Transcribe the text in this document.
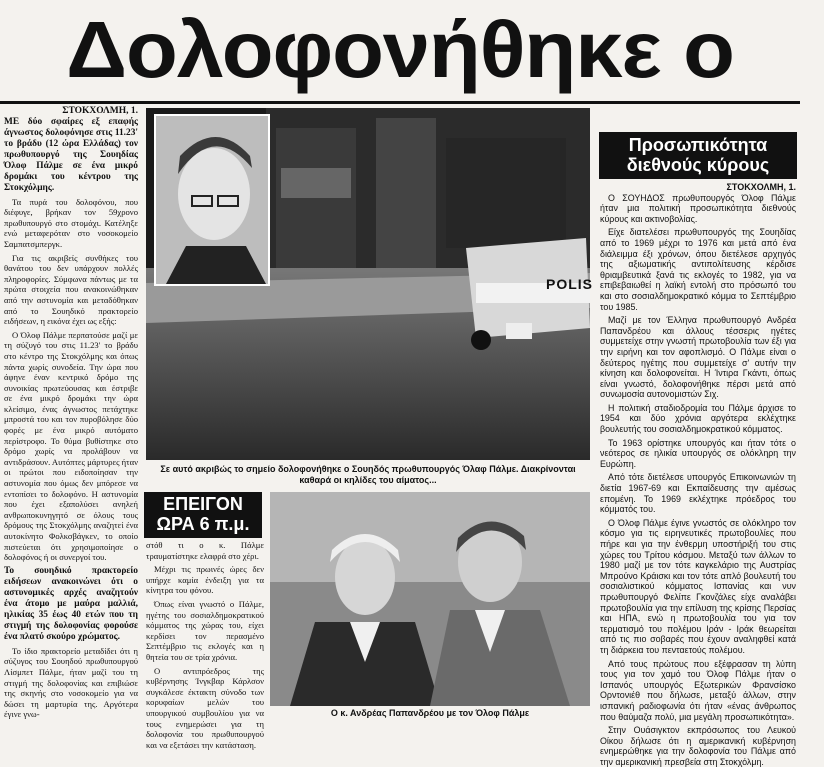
Δολοφονήθηκε ο
ΣΤΟΚΧΟΛΜΗ, 1.

ΜΕ δύο σφαίρες εξ επαφής άγνωστος δολοφόνησε στις 11.23' το βράδυ (12 ώρα Ελλάδας) τον πρωθυπουργό της Σουηδίας Όλοφ Πάλμε σε ένα μικρό δρομάκι του κέντρου της Στοκχόλμης.

Τα πυρά του δολοφόνου, που διέφυγε, βρήκαν τον 59χρονο πρωθυπουργό στο στομάχι. Κατέληξε ενώ μεταφερόταν στο νοσοκομείο Σαμπατσμπεργκ.

Για τις ακριβείς συνθήκες του θανάτου του δεν υπάρχουν πολλές πληροφορίες. Σύμφωνα πάντως με τα πρώτα στοιχεία που ανακοινώθηκαν από την αστυνομία και μεταδόθηκαν από το Σουηδικό πρακτορείο ειδήσεων, η εικόνα έχει ως εξής:

Ο Όλοφ Πάλμε περπατούσε μαζί με τη σύζυγό του στις 11.23' το βράδυ στο κέντρο της Στοκχόλμης και όπως πάντα χωρίς συνοδεία. Την ώρα που άφηνε έναν κεντρικό δρόμο της συνοικίας πρωτεύουσας και έστριβε σε ένα μικρό δρομάκι την ώρα κλείσιμο, ένας άγνωστος πετάχτηκε μπροστά του και τον πυροβόλησε δύο φορές με ένα μικρό αυτόματο περίστροφο. Το θύμα βυθίστηκε στο δρόμο χωρίς να προλάβουν να αντιδράσουν. Αυτόπτες μάρτυρες ήταν οι πρώτοι που ειδοποίησαν την αστυνομία που όμως δεν μπόρεσε να εντοπίσει το δολοφόνο. Η αστυνομία που έχει εξαπολύσει ανηλεή ανθρωποκυνηγητό σε όλους τους δρόμους της Στοκχόλμης αναζητεί ένα αυτοκίνητο Φολκσβάγκεν, το οποίο πιστεύεται ότι χρησιμοποίησε ο δολοφόνος ή οι συνεργοί του.

Το σουηδικό πρακτορείο ειδήσεων ανακοινώνει ότι ο αστυνομικές αρχές αναζητούν ένα άτομο με μαύρα μαλλιά, ηλικίας 35 έως 40 ετών που τη στιγμή της δολοφονίας φορούσε ένα πλατύ σκούρο χρώματος.

Το ίδιο πρακτορείο μεταδίδει ότι η σύζυγος του Σουηδού πρωθυπουργού Λίσμπετ Πάλμε, ήταν μαζί του τη στιγμή της δολοφονίας και επιβιώσε της σκηνής στο νοσοκομείο για να δώσει τη μαρτυρία της. Αργότερα έγινε γνω-

POLIS
Σε αυτό ακριβώς το σημείο δολοφονήθηκε ο Σουηδός πρωθυπουργός Όλαφ Πάλμε. Διακρίνονται καθαρά οι κηλίδες του αίματος...
ΕΠΕΙΓΟΝ
ΩΡΑ 6 π.μ.

στόθ τι ο κ. Πάλμε τραυματίστηκε ελαφρά στο χέρι.

Μέχρι τις πρωινές ώρες δεν υπήρχε καμία ένδειξη για τα κίνητρα του φόνου.

Όπως είναι γνωστό ο Πάλμε, ηγέτης του σοσιαλδημοκρατικού κόμματος της χώρας του, είχει κερδίσει τον περασμένο Σεπτέμβριο τις εκλογές και η θητεία του σε τρία χρόνια.

Ο αντιπρόεδρος της κυβέρνησης Ίνγκβαρ Κάρλσον συγκάλεσε έκτακτη σύνοδο των κορυφαίων μελών του υπουργικού συμβουλίου για να τους ενημερώσει για τη δολοφονία του πρωθυπουργού και να εξετάσει την κατάσταση.

Ο κ. Ανδρέας Παπανδρέου με τον Όλοφ Πάλμε
Προσωπικότητα
διεθνούς κύρους
ΣΤΟΚΧΟΛΜΗ, 1.

Ο ΣΟΥΗΔΟΣ πρωθυπουργός Όλοφ Πάλμε ήταν μια πολιτική προσωπικότητα διεθνούς κύρους και ακτινοβολίας.

Είχε διατελέσει πρωθυπουργός της Σουηδίας από το 1969 μέχρι το 1976 και μετά από ένα διάλειμμα έξι χρόνων, όπου διετέλεσε αρχηγός της αξιωματικής αντιπολίτευσης κέρδισε θριαμβευτικά ξανά τις εκλογές το 1982, για να επιβεβαιωθεί η λαϊκή εντολή στο πρόσωπό του και στο σοσιαλδημοκρατικό κόμμα το Σεπτέμβριο του 1985.

Μαζί με τον Έλληνα πρωθυπουργό Ανδρέα Παπανδρέου και άλλους τέσσερις ηγέτες συμμετείχε στην γνωστή πρωτοβουλία των έξι για την ειρήνη και τον αφοπλισμό. Ο Πάλμε είναι ο δεύτερος ηγέτης που συμμετείχε σ' αυτήν την κίνηση και δολοφονείται. Η Ίντιρα Γκάντι, όπως είναι γνωστό, δολοφονήθηκε πέρσι μετά από συνωμοσία αυτονομιστών Σιχ.

Η πολιτική σταδιοδρομία του Πάλμε άρχισε το 1954 και δύο χρόνια αργότερα εκλέχτηκε βουλευτής του σοσιαλδημοκρατικού κόμματος.

Το 1963 ορίστηκε υπουργός και ήταν τότε ο νεότερος σε ηλικία υπουργός σε ολόκληρη την Ευρώπη.

Από τότε διετέλεσε υπουργός Επικοινωνιών τη διετία 1967-69 και Εκπαίδευσης την αμέσως επομένη. Το 1969 εκλέχτηκε πρόεδρος του κόμματός του.

Ο Όλοφ Πάλμε έγινε γνωστός σε ολόκληρο τον κόσμο για τις ειρηνευτικές πρωτοβουλίες που πήρε και για την ένθερμη υποστήριξή του στις χώρες του Τρίτου κόσμου. Μεταξύ των άλλων το 1980 μαζί με τον τότε καγκελάριο της Αυστρίας Μπρούνο Κράισκι και τον τότε απλό βουλευτή του σοσιαλιστικού κόμματος Ισπανίας και νυν πρωθυπουργό Φελίπε Γκονζάλες είχε αναλάβει πρωτοβουλία για την επίλυση της κρίσης Περσίας και ΗΠΑ, ενώ η πρωτοβουλία του για τον τερματισμό του πολέμου Ιράν - Ιράκ θεωρείται από τις πιο σοβαρές που έχουν αναληφθεί κατά τη διάρκεια του πενταετούς πολέμου.

Από τους πρώτους που εξέφρασαν τη λύπη τους για τον χαμό του Όλοφ Πάλμε ήταν ο Ισπανός υπουργός Εξωτερικών Φρανσίσκο Ορντονιέθ που δήλωσε, μεταξύ άλλων, στην ισπανική ραδιοφωνία ότι ήταν «ένας άνθρωπος που θαύμαζα πολύ, μια μεγάλη προσωπικότητα».

Στην Ουάσιγκτον εκπρόσωπος του Λευκού Οίκου δήλωσε ότι η αμερικανική κυβέρνηση ενημερώθηκε για την δολοφονία του Πάλμε από την αμερικανική πρεσβεία στη Στοκχόλμη.
